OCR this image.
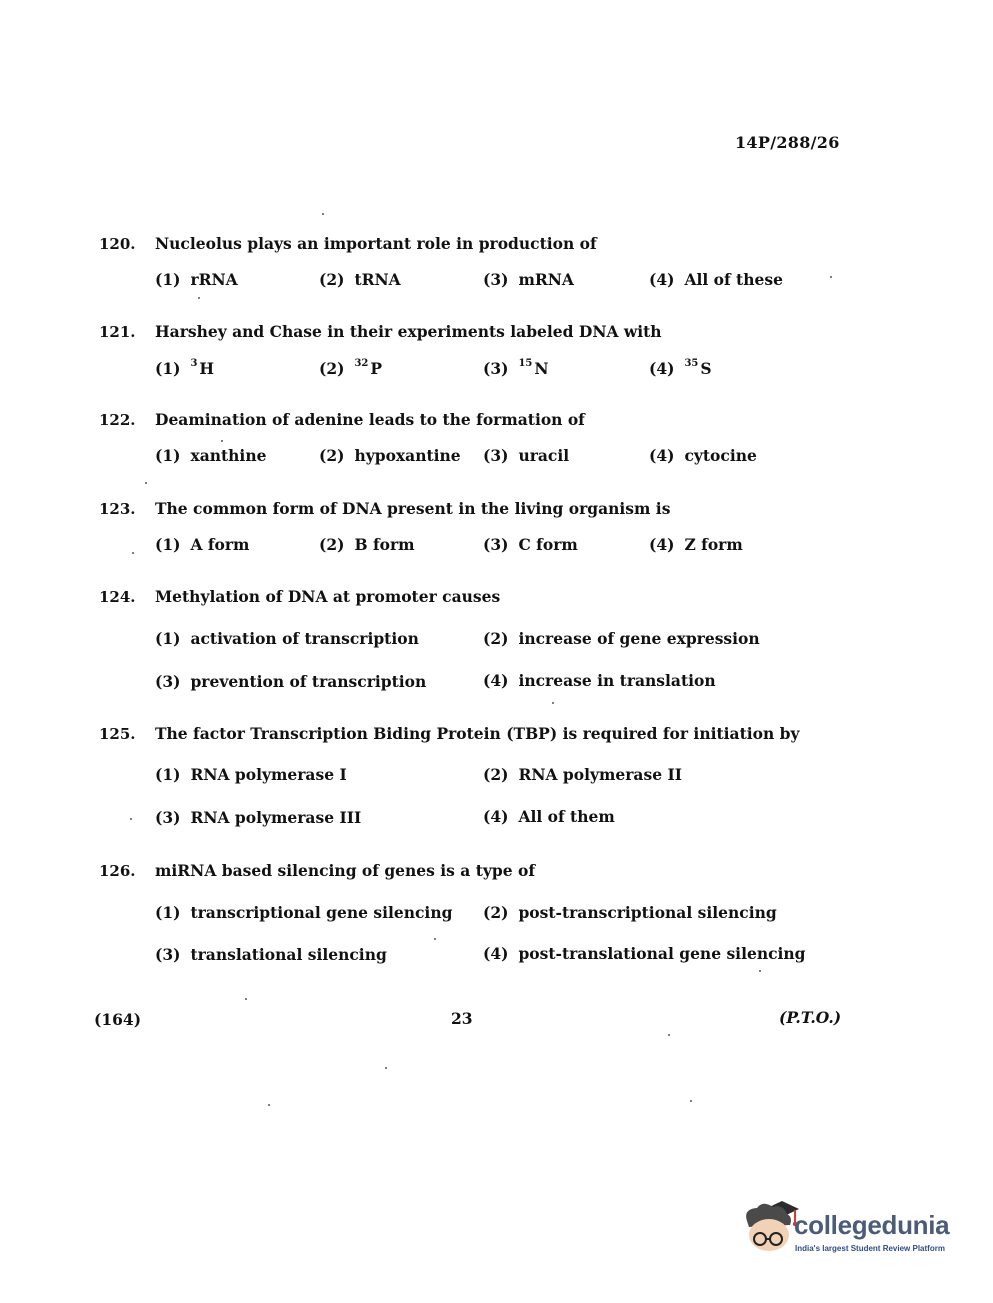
14P/288/26
120. Nucleolus plays an important role in production of
(1) rRNA	(2) tRNA	(3) mRNA	(4) All of these
121. Harshey and Chase in their experiments labeled DNA with
(1) $^3$ H	(2) $^{32}$ P	(3) $^{15}$ N	(4) $^{35}$ S
122. Deamination of adenine leads to the formation of
(1) xanthine	(2) hypoxantine (3) uracil	(4) cytocine
123. The common form of DNA present in the living organism is
(1) A form	(2) B form	(3) C form	(4) Z form
124. Methylation of DNA at promoter causes
(1) activation of transcription	(2) increase of gene expression
(3) prevention of transcription	(4) increase in translation
125. The factor Transcription Biding Protein (TBP) is required for initiation by
(1) RNA polymerase I	(2) RNA polymerase II
(3) RNA polymerase III	(4) All of them
126. miRNA based silencing of genes is a type of
(1) transcriptional gene silencing (2) post-transcriptional silencing
(3) translational silencing	(4) post-translational gene silencing
(164)	23	(P.T.O.)
collegedunia
India's largest Student Review Platform
